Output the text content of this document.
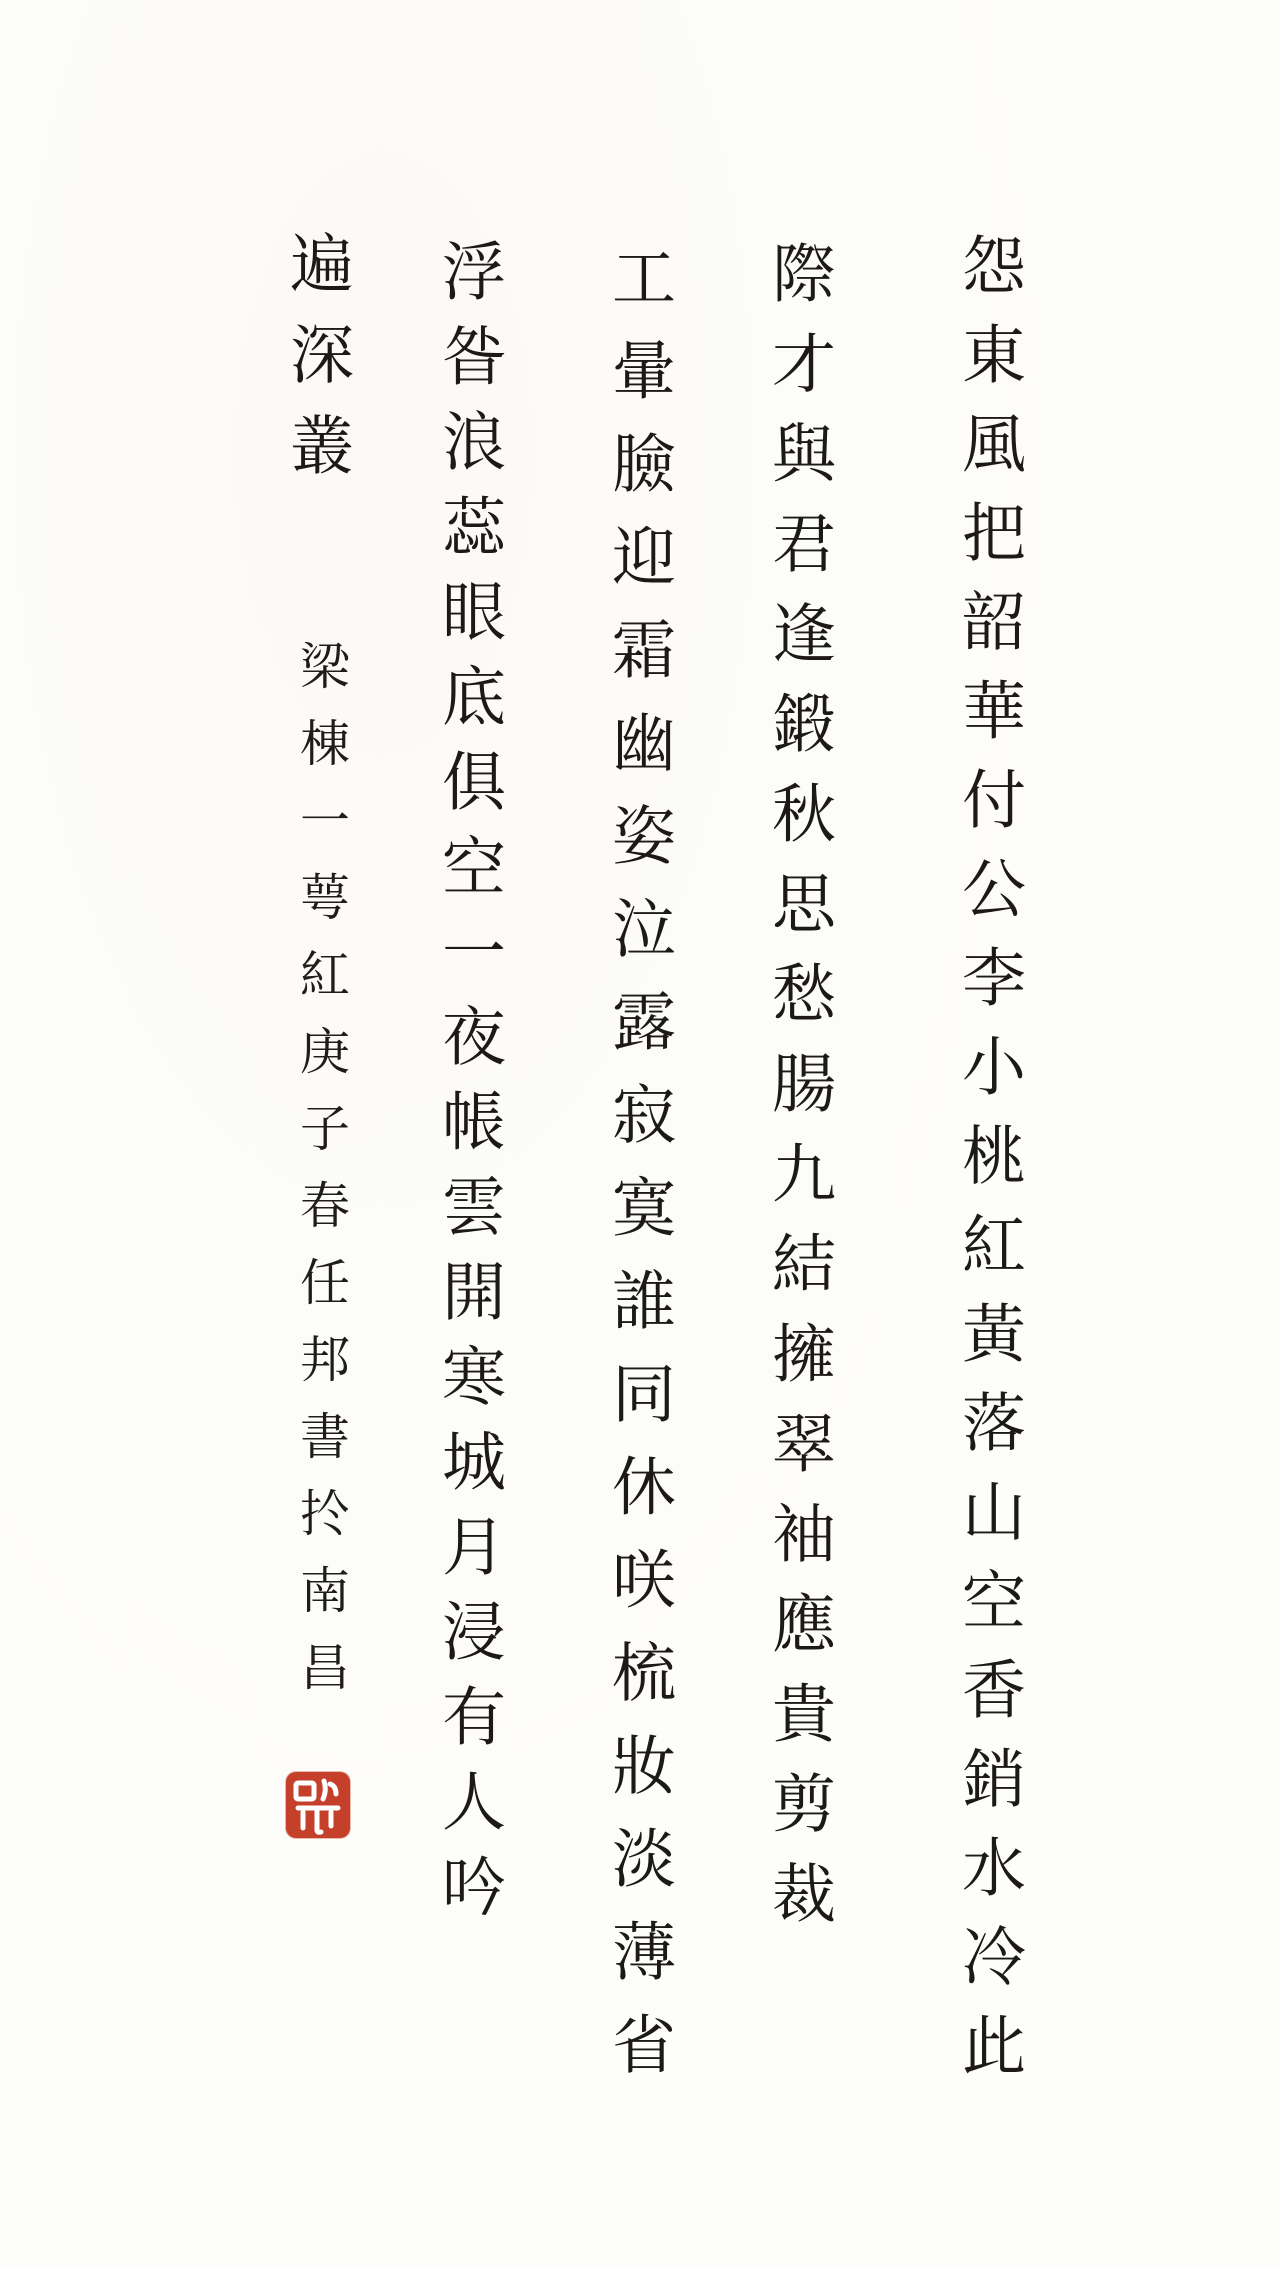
怨東風把韶華付公李小桃紅黃落山空香銷水冷此
際才與君逢鍛秋思愁腸九結擁翠袖應貴剪裁
工暈臉迎霜幽姿泣露寂寞誰同休咲梳妝淡薄省
浮昝浪蕊眼底俱空一夜帳雲開寒城月浸有人吟
遍深叢
梁棟一萼紅庚子春任邦書扵南昌
